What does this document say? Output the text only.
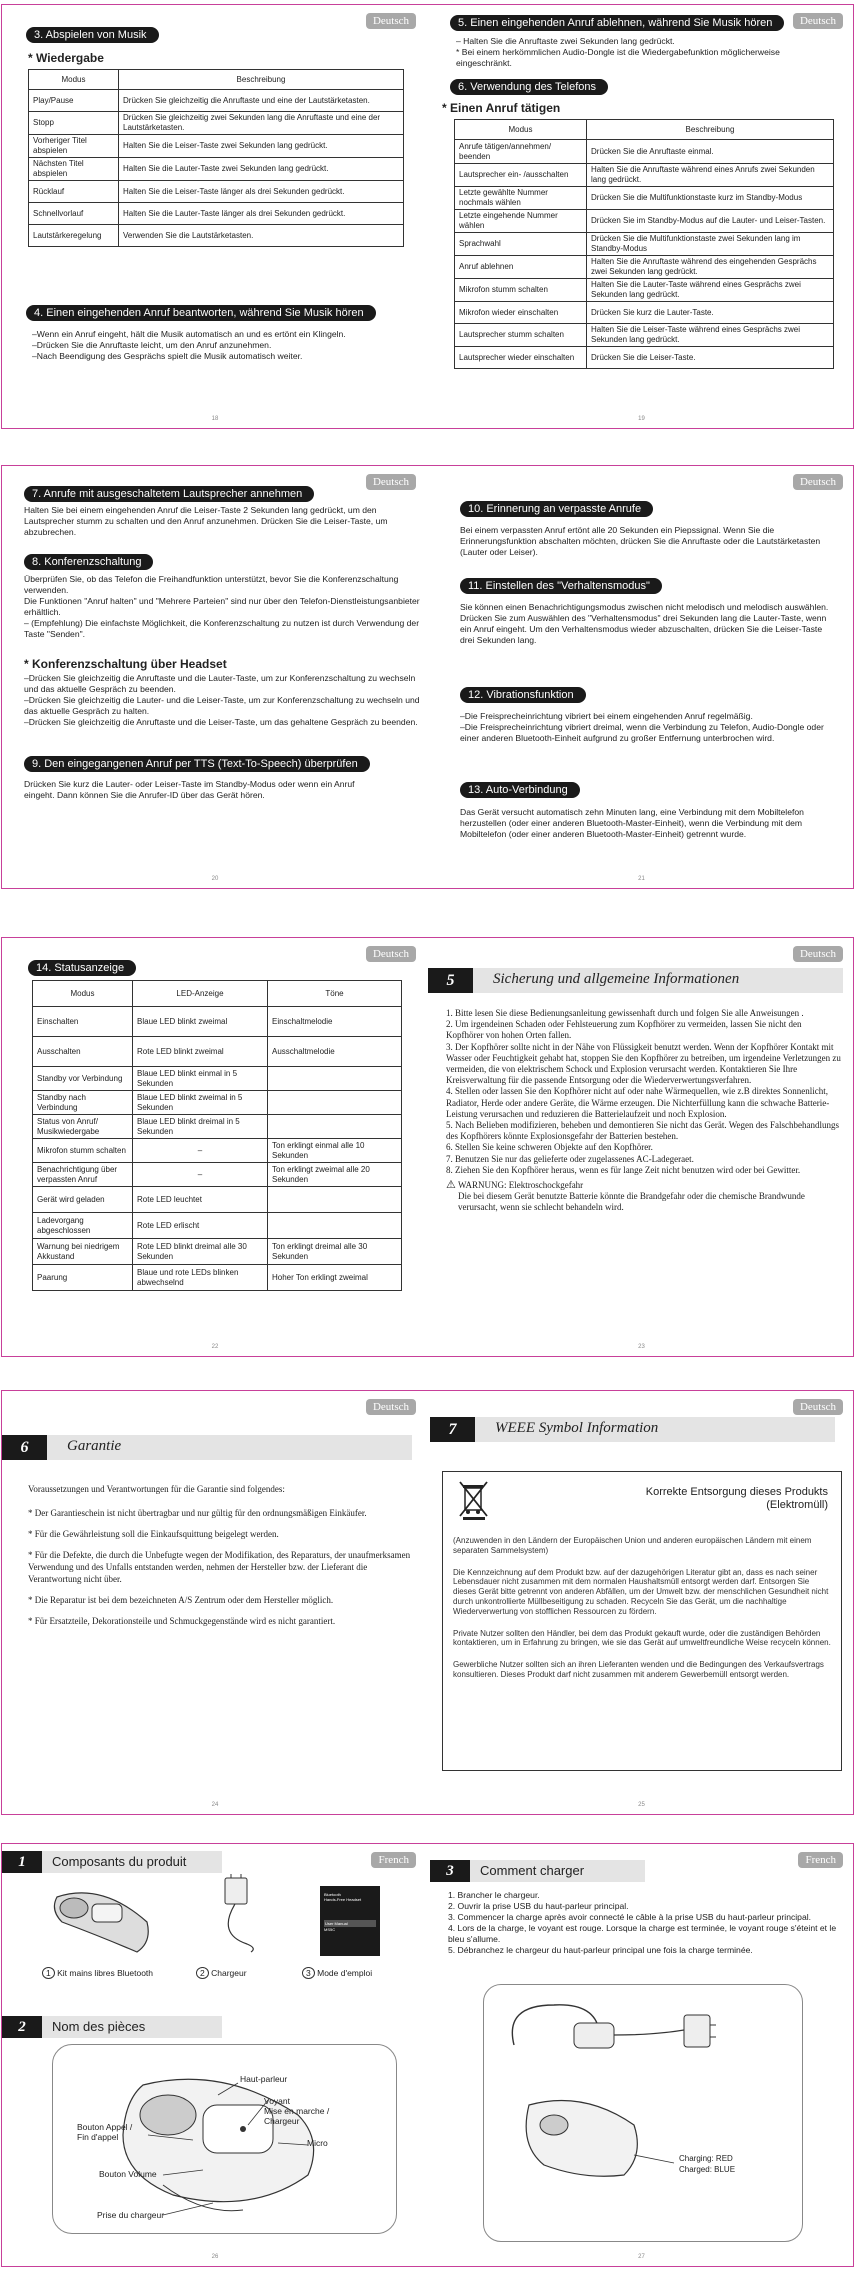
Deutsch
3. Abspielen von Musik
* Wiedergabe
Modus	Beschreibung
Play/Pause	Drücken Sie gleichzeitig die Anruftaste und eine der Lautstärketasten.
Stopp	Drücken Sie gleichzeitig zwei Sekunden lang die Anruftaste und eine der Lautstärketasten.
Vorheriger Titel abspielen	Halten Sie die Leiser-Taste zwei Sekunden lang gedrückt.
Nächsten Titel abspielen	Halten Sie die Lauter-Taste zwei Sekunden lang gedrückt.
Rücklauf	Halten Sie die Leiser-Taste länger als drei Sekunden gedrückt.
Schnellvorlauf	Halten Sie die Lauter-Taste länger als drei Sekunden gedrückt.
Lautstärkeregelung	Verwenden Sie die Lautstärketasten.
4. Einen eingehenden Anruf beantworten, während Sie Musik hören
– Wenn ein Anruf eingeht, hält die Musik automatisch an und es ertönt ein Klingeln.
– Drücken Sie die Anruftaste leicht, um den Anruf anzunehmen.
– Nach Beendigung des Gesprächs spielt die Musik automatisch weiter.
18
Deutsch
5. Einen eingehenden Anruf ablehnen, während Sie Musik hören

– Halten Sie die Anruftaste zwei Sekunden lang gedrückt.

* Bei einem herkömmlichen Audio-Dongle ist die Wiedergabefunktion möglicherweise eingeschränkt.

6. Verwendung des Telefons
* Einen Anruf tätigen
Modus	Beschreibung
Anrufe tätigen/annehmen/ beenden	Drücken Sie die Anruftaste einmal.
Lautsprecher ein- /ausschalten	Halten Sie die Anruftaste während eines Anrufs zwei Sekunden lang gedrückt.
Letzte gewählte Nummer nochmals wählen	Drücken Sie die Multifunktionstaste kurz im Standby-Modus
Letzte eingehende Nummer wählen	Drücken Sie im Standby-Modus auf die Lauter- und Leiser-Tasten.
Sprachwahl	Drücken Sie die Multifunktionstaste zwei Sekunden lang im Standby-Modus
Anruf ablehnen	Halten Sie die Anruftaste während des eingehenden Gesprächs zwei Sekunden lang gedrückt.
Mikrofon stumm schalten	Halten Sie die Lauter-Taste während eines Gesprächs zwei Sekunden lang gedrückt.
Mikrofon wieder einschalten	Drücken Sie kurz die Lauter-Taste.
Lautsprecher stumm schalten	Halten Sie die Leiser-Taste während eines Gesprächs zwei Sekunden lang gedrückt.
Lautsprecher wieder einschalten	Drücken Sie die Leiser-Taste.
19
Deutsch
7. Anrufe mit ausgeschaltetem Lautsprecher annehmen

Halten Sie bei einem eingehenden Anruf die Leiser-Taste 2 Sekunden lang gedrückt, um den Lautsprecher stumm zu schalten und den Anruf anzunehmen. Drücken Sie die Leiser-Taste, um abzubrechen.

8. Konferenzschaltung

Überprüfen Sie, ob das Telefon die Freihandfunktion unterstützt, bevor Sie die Konferenzschaltung verwenden.

Die Funktionen "Anruf halten" und "Mehrere Parteien" sind nur über den Telefon-Dienstleistungsanbieter erhältlich.

– (Empfehlung) Die einfachste Möglichkeit, die Konferenzschaltung zu nutzen ist durch Verwendung der Taste "Senden".

* Konferenzschaltung über Headset
– Drücken Sie gleichzeitig die Anruftaste und die Lauter-Taste, um zur Konferenzschaltung zu wechseln und das aktuelle Gespräch zu beenden.
– Drücken Sie gleichzeitig die Lauter- und die Leiser-Taste, um zur Konferenzschaltung zu wechseln und das aktuelle Gespräch zu halten.
– Drücken Sie gleichzeitig die Anruftaste und die Leiser-Taste, um das gehaltene Gespräch zu beenden.
9. Den eingegangenen Anruf per TTS (Text-To-Speech) überprüfen

Drücken Sie kurz die Lauter- oder Leiser-Taste im Standby-Modus oder wenn ein Anruf eingeht. Dann können Sie die Anrufer-ID über das Gerät hören.

20
Deutsch
10. Erinnerung an verpasste Anrufe

Bei einem verpassten Anruf ertönt alle 20 Sekunden ein Piepssignal. Wenn Sie die Erinnerungsfunktion abschalten möchten, drücken Sie die Anruftaste oder die Lautstärketasten (Lauter oder Leiser).

11. Einstellen des "Verhaltensmodus"

Sie können einen Benachrichtigungsmodus zwischen nicht melodisch und melodisch auswählen. Drücken Sie zum Auswählen des "Verhaltensmodus" drei Sekunden lang die Lauter-Taste, wenn ein Anruf eingeht. Um den Verhaltensmodus wieder abzuschalten, drücken Sie die Leiser-Taste drei Sekunden lang.

12. Vibrationsfunktion
– Die Freisprecheinrichtung vibriert bei einem eingehenden Anruf regelmäßig.
– Die Freisprecheinrichtung vibriert dreimal, wenn die Verbindung zu Telefon, Audio-Dongle oder einer anderen Bluetooth-Einheit aufgrund zu großer Entfernung unterbrochen wird.
13. Auto-Verbindung

Das Gerät versucht automatisch zehn Minuten lang, eine Verbindung mit dem Mobiltelefon herzustellen (oder einer anderen Bluetooth-Master-Einheit), wenn die Verbindung mit dem Mobiltelefon (oder einer anderen Bluetooth-Master-Einheit) getrennt wurde.

21
Deutsch
14. Statusanzeige
Modus	LED-Anzeige	Töne
Einschalten	Blaue LED blinkt zweimal	Einschaltmelodie
Ausschalten	Rote LED blinkt zweimal	Ausschaltmelodie
Standby vor Verbindung	Blaue LED blinkt einmal in 5 Sekunden	
Standby nach Verbindung	Blaue LED blinkt zweimal in 5 Sekunden	
Status von Anruf/ Musikwiedergabe	Blaue LED blinkt dreimal in 5 Sekunden	
Mikrofon stumm schalten	–	Ton erklingt einmal alle 10 Sekunden
Benachrichtigung über verpassten Anruf	–	Ton erklingt zweimal alle 20 Sekunden
Gerät wird geladen	Rote LED leuchtet	
Ladevorgang abgeschlossen	Rote LED erlischt	
Warnung bei niedrigem Akkustand	Rote LED blinkt dreimal alle 30 Sekunden	Ton erklingt dreimal alle 30 Sekunden
Paarung	Blaue und rote LEDs blinken abwechselnd	Hoher Ton erklingt zweimal
22
Deutsch
5	Sicherung und allgemeine Informationen
1. Bitte lesen Sie diese Bedienungsanleitung gewissenhaft durch und folgen Sie alle Anweisungen .
2. Um irgendeinen Schaden oder Fehlsteuerung zum Kopfhörer zu vermeiden, lassen Sie nicht den Kopfhörer von hohen Orten fallen.
3. Der Kopfhörer sollte nicht in der Nähe von Flüssigkeit benutzt werden. Wenn der Kopfhörer Kontakt mit Wasser oder Feuchtigkeit gehabt hat, stoppen Sie den Kopfhörer zu betreiben, um irgendeine Verletzungen zu vermeiden, die von elektrischem Schock und Explosion verursacht werden. Kontaktieren Sie Ihre Kreisverwaltung für die passende Entsorgung oder die Wiederverwertungsverfahren.
4. Stellen oder lassen Sie den Kopfhörer nicht auf oder nahe Wärmequellen, wie z.B direktes Sonnenlicht, Radiator, Herde oder andere Geräte, die Wärme erzeugen. Die Nichterfüllung kann die schwache Batterie-Leistung verursachen und reduzieren die Batterielaufzeit und noch Explosion.
5. Nach Belieben modifizieren, beheben und demontieren Sie nicht das Gerät. Wegen des Falschbehandlungs des Kopfhörers könnte Explosionsgefahr der Batterien bestehen.
6. Stellen Sie keine schweren Objekte auf den Kopfhörer.
7. Benutzen Sie nur das gelieferte oder zugelassenes AC-Ladegeraet.
8. Ziehen Sie den Kopfhörer heraus, wenn es für lange Zeit nicht benutzen wird oder bei Gewitter.
⚠ WARNUNG: Elektroschockgefahr
Die bei diesem Gerät benutzte Batterie könnte die Brandgefahr oder die chemische Brandwunde verursacht, wenn sie schlecht behandeln wird.
23
Deutsch
6	Garantie
Voraussetzungen und Verantwortungen für die Garantie sind folgendes:
* Der Garantieschein ist nicht übertragbar und nur gültig für den ordnungsmäßigen Einkäufer.
* Für die Gewährleistung soll die Einkaufsquittung beigelegt werden.
* Für die Defekte, die durch die Unbefugte wegen der Modifikation, des Reparaturs, der unaufmerksamen Verwendung und des Unfalls entstanden werden, nehmen der Hersteller bzw. der Lieferant die Verantwortung nicht über.
* Die Reparatur ist bei dem bezeichneten A/S Zentrum oder dem Hersteller möglich.
* Für Ersatzteile, Dekorationsteile und Schmuckgegenstände wird es nicht garantiert.
24
Deutsch
7	WEEE Symbol Information
Korrekte Entsorgung dieses Produkts (Elektromüll)

(Anzuwenden in den Ländern der Europäischen Union und anderen europäischen Ländern mit einem separaten Sammelsystem)

Die Kennzeichnung auf dem Produkt bzw. auf der dazugehörigen Literatur gibt an, dass es nach seiner Lebensdauer nicht zusammen mit dem normalen Haushaltsmüll entsorgt werden darf. Entsorgen Sie dieses Gerät bitte getrennt von anderen Abfällen, um der Umwelt bzw. der menschlichen Gesundheit nicht durch unkontrollierte Müllbeseitigung zu schaden. Recyceln Sie das Gerät, um die nachhaltige Wiederverwertung von stofflichen Ressourcen zu fördern.

Private Nutzer sollten den Händler, bei dem das Produkt gekauft wurde, oder die zuständigen Behörden kontaktieren, um in Erfahrung zu bringen, wie sie das Gerät auf umweltfreundliche Weise recyceln können.

Gewerbliche Nutzer sollten sich an ihren Lieferanten wenden und die Bedingungen des Verkaufsvertrags konsultieren. Dieses Produkt darf nicht zusammen mit anderem Gewerbemüll entsorgt werden.

25
French
1	Composants du produit
Bluetooth
Hands-Free Headset
User Manual
MS5C
1 Kit mains libres Bluetooth	2 Chargeur	3 Mode d'emploi
2	Nom des pièces
Haut-parleur
Voyant
Mise en marche /
Chargeur
Bouton Appel /
Fin d'appel
Micro
Bouton Volume
Prise du chargeur
26
French
3	Comment charger
1. Brancher le chargeur.
2. Ouvrir la prise USB du haut-parleur principal.
3. Commencer la charge après avoir connecté le câble à la prise USB du haut-parleur principal.
4. Lors de la charge, le voyant est rouge. Lorsque la charge est terminée, le voyant rouge s'éteint et le bleu s'allume.
5. Débranchez le chargeur du haut-parleur principal une fois la charge terminée.
Charging: RED
Charged: BLUE
27
